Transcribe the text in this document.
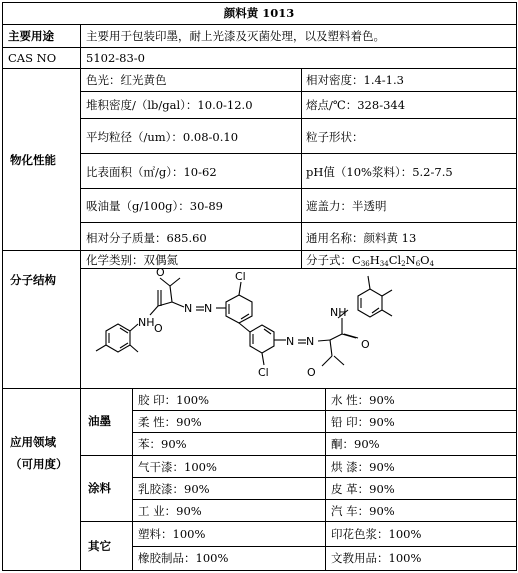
颜料黄 1013
主要用途	主要用于包装印墨，耐上光漆及灭菌处理，以及塑料着色。
CAS NO	5102-83-0
物化性能
色光：红光黄色	相对密度：1.4-1.3
堆积密度/（lb/gal）：10.0-12.0	熔点/℃：328-344
平均粒径（/um）：0.08-0.10	粒子形状：
比表面积（㎡/g）：10-62	pH值（10%浆料）：5.2-7.5
吸油量（g/100g）：30-89	遮盖力：半透明
相对分子质量：685.60	通用名称：颜料黄 13
分子结构
化学类别：双偶氮	分子式：$C_{36}H_{34}Cl_2N_6O_4$
O
NH O
N N
Cl
Cl
N N
O
NH
O
应用领域
（可用度）
油墨
胶 印：100%	水 性：90%
柔 性：90%	铅 印：90%
苯：90%	酮：90%
涂料
气干漆：100%	烘 漆：90%
乳胶漆：90%	皮 革：90%
工 业：90%	汽 车：90%
其它
塑料：100%	印花色浆：100%
橡胶制品：100%	文教用品：100%
